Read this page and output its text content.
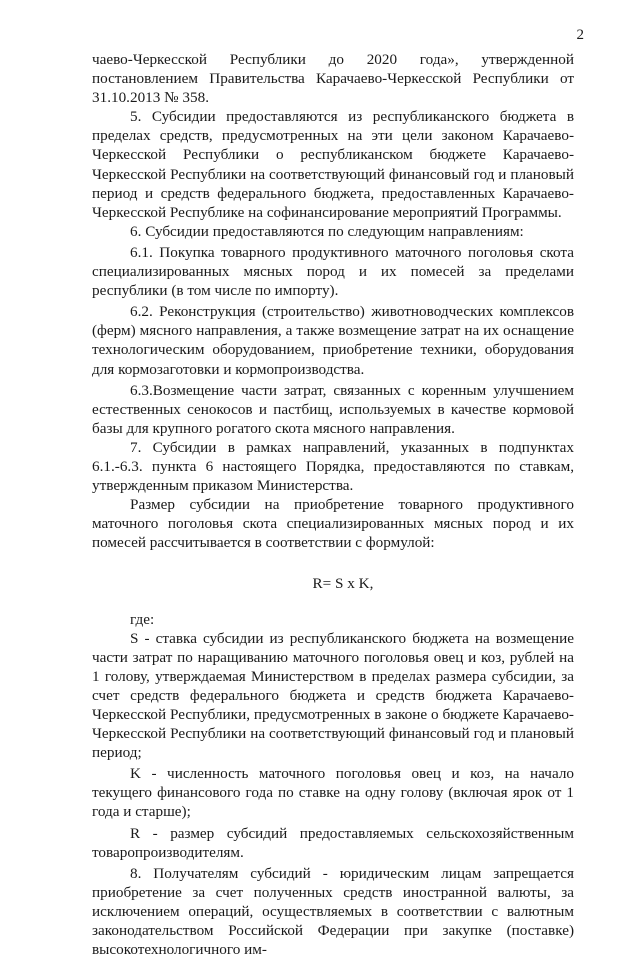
2

чаево-Черкесской Республики до 2020 года», утвержденной постановлением Правительства Карачаево-Черкесской Республики от 31.10.2013 № 358.

5. Субсидии предоставляются из республиканского бюджета в пределах средств, предусмотренных на эти цели законом Карачаево-Черкесской Республики о республиканском бюджете Карачаево-Черкесской Республики на соответствующий финансовый год и плановый период и средств федерального бюджета, предоставленных Карачаево-Черкесской Республике на софинансирование мероприятий Программы.

6. Субсидии предоставляются по следующим направлениям:

6.1. Покупка товарного продуктивного маточного поголовья скота специализированных мясных пород и их помесей за пределами республики (в том числе по импорту).

6.2. Реконструкция (строительство) животноводческих комплексов (ферм) мясного направления, а также возмещение затрат на их оснащение технологическим оборудованием, приобретение техники, оборудования для кормозаготовки и кормопроизводства.

6.3.Возмещение части затрат, связанных с коренным улучшением естественных сенокосов и пастбищ, используемых в качестве кормовой базы для крупного рогатого скота мясного направления.

7. Субсидии в рамках направлений, указанных в подпунктах 6.1.-6.3. пункта 6 настоящего Порядка, предоставляются по ставкам, утвержденным приказом Министерства.

Размер субсидии на приобретение товарного продуктивного маточного поголовья скота специализированных мясных пород и их помесей рассчитывается в соответствии с формулой:

R= S x K,

где:

S - ставка субсидии из республиканского бюджета на возмещение части затрат по наращиванию маточного поголовья овец и коз, рублей на 1 голову, утверждаемая Министерством в пределах размера субсидии, за счет средств федерального бюджета и средств бюджета Карачаево-Черкесской Республики, предусмотренных в законе о бюджете Карачаево-Черкесской Республики на соответствующий финансовый год и плановый период;

K - численность маточного поголовья овец и коз, на начало текущего финансового года по ставке на одну голову (включая ярок от 1 года и старше);

R - размер субсидий предоставляемых сельскохозяйственным товаропроизводителям.

8. Получателям субсидий - юридическим лицам запрещается приобретение за счет полученных средств иностранной валюты, за исключением операций, осуществляемых в соответствии с валютным законодательством Российской Федерации при закупке (поставке) высокотехнологичного им-
